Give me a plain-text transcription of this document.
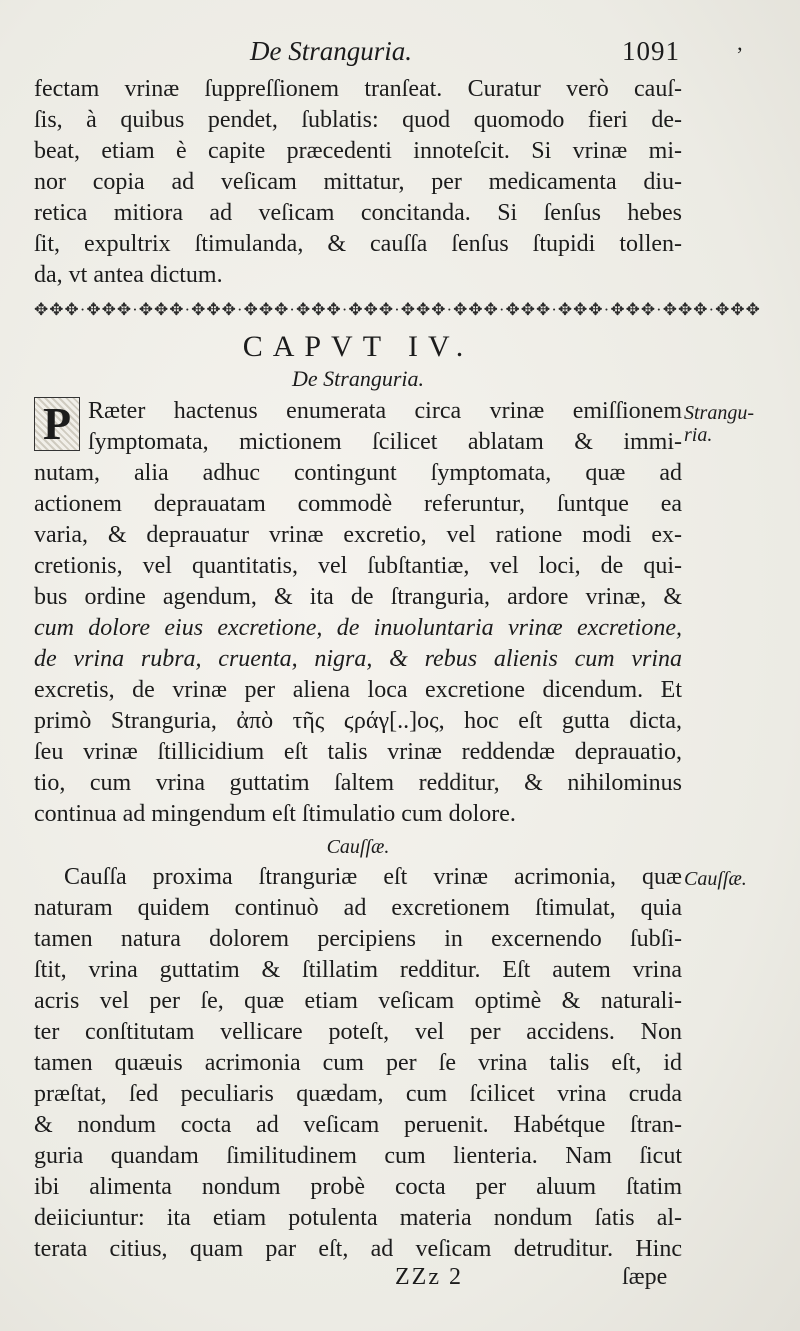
De Stranguria.	1091	’
fectam vrinæ ſuppreſſionem tranſeat. Curatur verò cauſ-
ſis, à quibus pendet, ſublatis: quod quomodo fieri de-
beat, etiam è capite præcedenti innoteſcit. Si vrinæ mi-
nor copia ad veſicam mittatur, per medicamenta diu-
retica mitiora ad veſicam concitanda. Si ſenſus hebes
ſit, expultrix ſtimulanda, & cauſſa ſenſus ſtupidi tollen-
da, vt antea dictum.
✥✥✥·✥✥✥·✥✥✥·✥✥✥·✥✥✥·✥✥✥·✥✥✥·✥✥✥·✥✥✥·✥✥✥·✥✥✥·✥✥✥·✥✥✥·✥✥✥
CAPVT IV.
De Stranguria.
P Ræter hactenus enumerata circa vrinæ emiſſionem
ſymptomata, mictionem ſcilicet ablatam & immi-
nutam, alia adhuc contingunt ſymptomata, quæ ad
actionem deprauatam commodè referuntur, ſuntque ea
varia, & deprauatur vrinæ excretio, vel ratione modi ex-
cretionis, vel quantitatis, vel ſubſtantiæ, vel loci, de qui-
bus ordine agendum, & ita de ſtranguria, ardore vrinæ, &
cum dolore eius excretione, de inuoluntaria vrinæ excretione,
de vrina rubra, cruenta, nigra, & rebus alienis cum vrina
excretis, de vrinæ per aliena loca excretione dicendum. Et
primò Stranguria, ἀπὸ τῆς ϛράγ[..]ος, hoc eſt gutta dicta,
ſeu vrinæ ſtillicidium eſt talis vrinæ reddendæ deprauatio,
tio, cum vrina guttatim ſaltem redditur, & nihilominus
continua ad mingendum eſt ſtimulatio cum dolore.
Cauſſæ.
Cauſſa proxima ſtranguriæ eſt vrinæ acrimonia, quæ
naturam quidem continuò ad excretionem ſtimulat, quia
tamen natura dolorem percipiens in excernendo ſubſi-
ſtit, vrina guttatim & ſtillatim redditur. Eſt autem vrina
acris vel per ſe, quæ etiam veſicam optimè & naturali-
ter conſtitutam vellicare poteſt, vel per accidens. Non
tamen quæuis acrimonia cum per ſe vrina talis eſt, id
præſtat, ſed peculiaris quædam, cum ſcilicet vrina cruda
& nondum cocta ad veſicam peruenit. Habétque ſtran-
guria quandam ſimilitudinem cum lienteria. Nam ſicut
ibi alimenta nondum probè cocta per aluum ſtatim
deiiciuntur: ita etiam potulenta materia nondum ſatis al-
terata citius, quam par eſt, ad veſicam detruditur. Hinc
Strangu-
ria.
Cauſſæ.
ZZz 2	ſæpe
